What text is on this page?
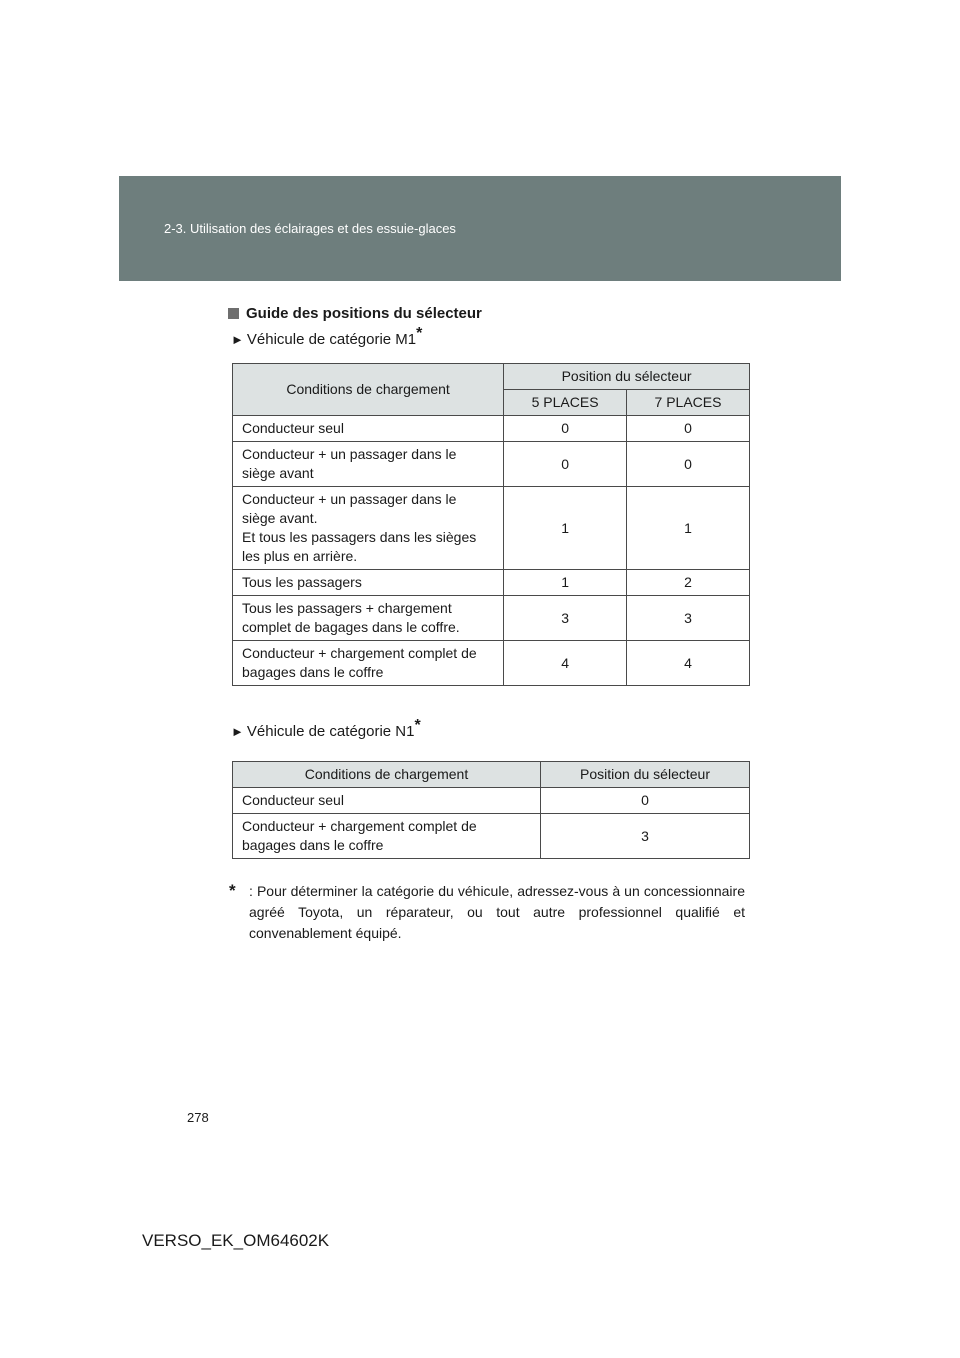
2-3. Utilisation des éclairages et des essuie-glaces
Guide des positions du sélecteur
► Véhicule de catégorie M1*
Conditions de chargement	Position du sélecteur	
	5 PLACES	7 PLACES
Conducteur seul	0	0
Conducteur + un passager dans le
siège avant	0	0
Conducteur + un passager dans le
siège avant.
Et tous les passagers dans les sièges
les plus en arrière.	1	1
Tous les passagers	1	2
Tous les passagers + chargement
complet de bagages dans le coffre.	3	3
Conducteur + chargement complet de
bagages dans le coffre	4	4
► Véhicule de catégorie N1*
Conditions de chargement	Position du sélecteur
Conducteur seul	0
Conducteur + chargement complet de
bagages dans le coffre	3
* : Pour déterminer la catégorie du véhicule, adressez-vous à un concessionnaire agréé Toyota, un réparateur, ou tout autre professionnel qualifié et convenablement équipé.
278
VERSO_EK_OM64602K
